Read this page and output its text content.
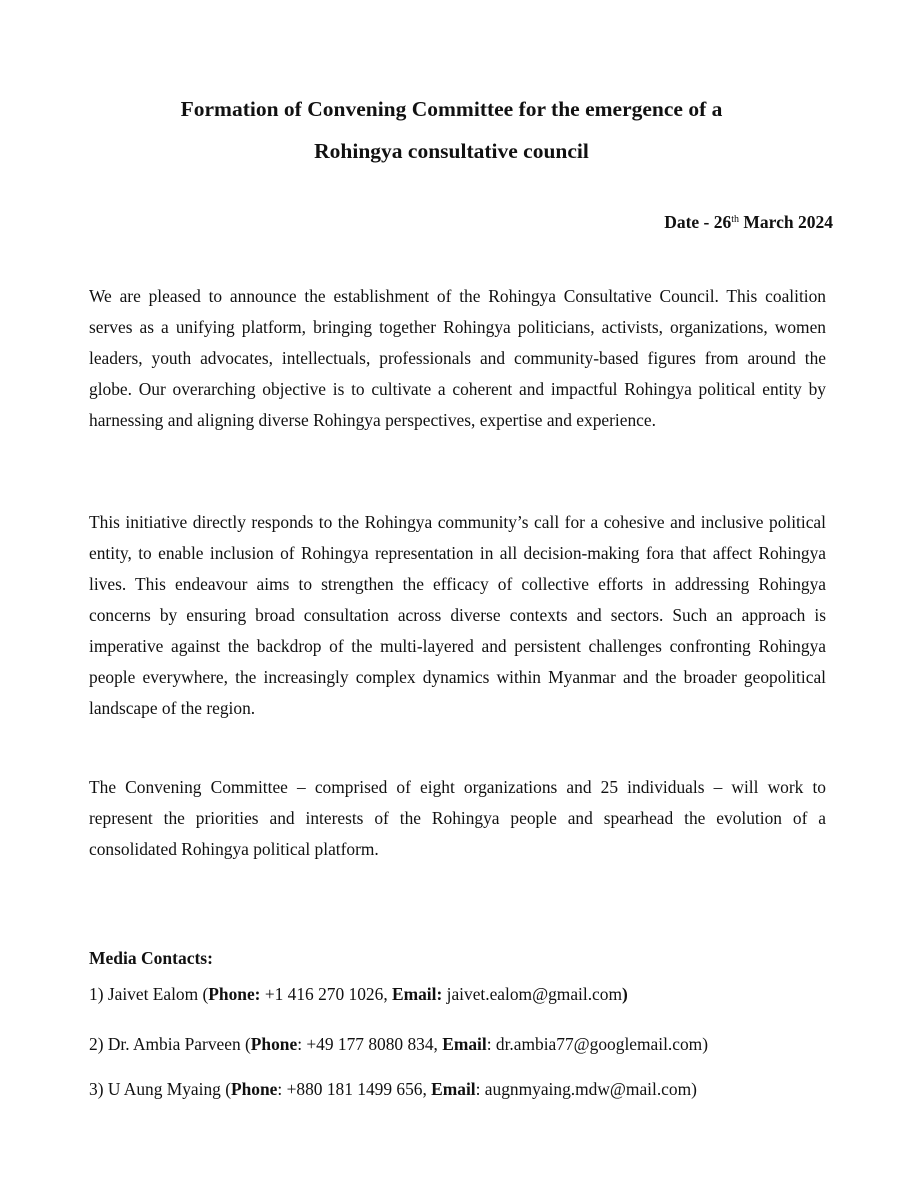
Formation of Convening Committee for the emergence of a
Rohingya consultative council
Date - 26th March 2024

We are pleased to announce the establishment of the Rohingya Consultative Council. This coalition serves as a unifying platform, bringing together Rohingya politicians, activists, organizations, women leaders, youth advocates, intellectuals, professionals and community-based figures from around the globe. Our overarching objective is to cultivate a coherent and impactful Rohingya political entity by harnessing and aligning diverse Rohingya perspectives, expertise and experience.

This initiative directly responds to the Rohingya community’s call for a cohesive and inclusive political entity, to enable inclusion of Rohingya representation in all decision-making fora that affect Rohingya lives. This endeavour aims to strengthen the efficacy of collective efforts in addressing Rohingya concerns by ensuring broad consultation across diverse contexts and sectors. Such an approach is imperative against the backdrop of the multi-layered and persistent challenges confronting Rohingya people everywhere, the increasingly complex dynamics within Myanmar and the broader geopolitical landscape of the region.

The Convening Committee – comprised of eight organizations and 25 individuals – will work to represent the priorities and interests of the Rohingya people and spearhead the evolution of a consolidated Rohingya political platform.

Media Contacts:
1) Jaivet Ealom (Phone: +1 416 270 1026, Email: jaivet.ealom@gmail.com)
2) Dr. Ambia Parveen (Phone: +49 177 8080 834, Email: dr.ambia77@googlemail.com)
3) U Aung Myaing (Phone: +880 181 1499 656, Email: augnmyaing.mdw@mail.com)
